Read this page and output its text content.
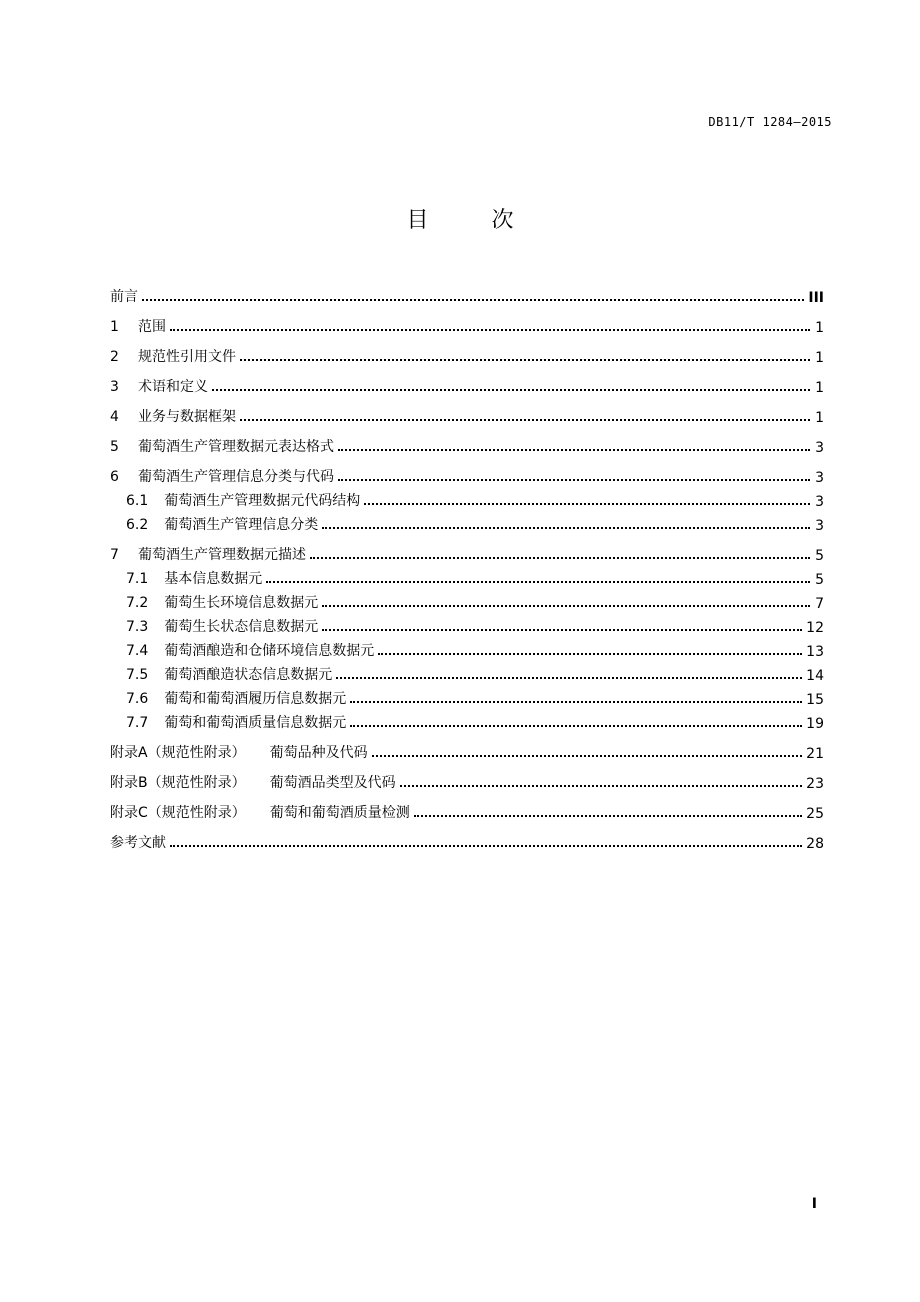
DB11/T 1284—2015
目 次
前言	III
1 范围	1
2 规范性引用文件	1
3 术语和定义	1
4 业务与数据框架	1
5 葡萄酒生产管理数据元表达格式	3
6 葡萄酒生产管理信息分类与代码	3
6.1 葡萄酒生产管理数据元代码结构	3
6.2 葡萄酒生产管理信息分类	3
7 葡萄酒生产管理数据元描述	5
7.1 基本信息数据元	5
7.2 葡萄生长环境信息数据元	7
7.3 葡萄生长状态信息数据元	12
7.4 葡萄酒酿造和仓储环境信息数据元	13
7.5 葡萄酒酿造状态信息数据元	14
7.6 葡萄和葡萄酒履历信息数据元	15
7.7 葡萄和葡萄酒质量信息数据元	19
附录A（规范性附录） 葡萄品种及代码	21
附录B（规范性附录） 葡萄酒品类型及代码	23
附录C（规范性附录） 葡萄和葡萄酒质量检测	25
参考文献	28
I
